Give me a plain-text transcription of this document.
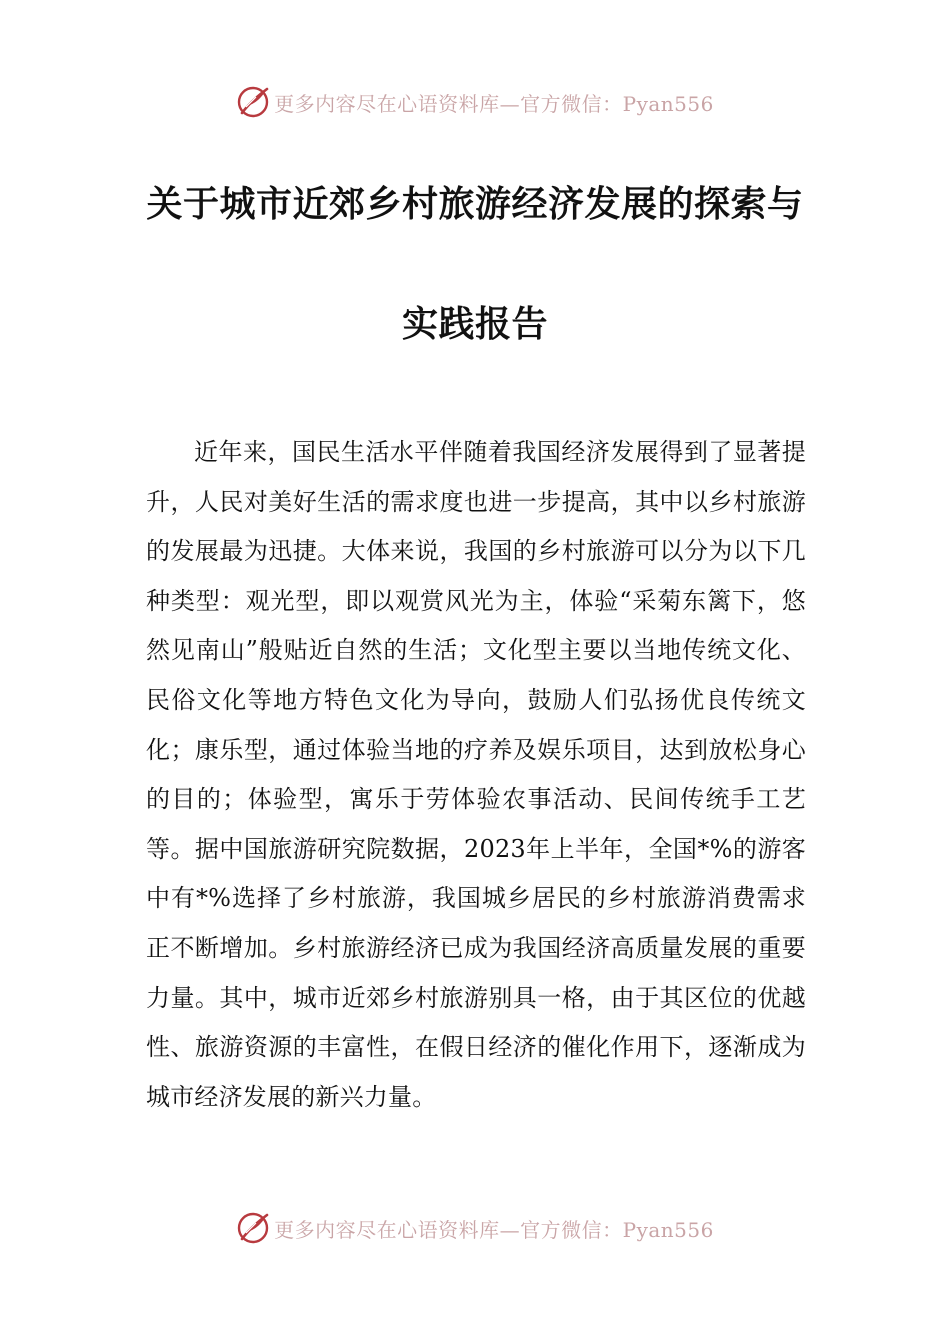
更多内容尽在心语资料库—官方微信：Pyan556
关于城市近郊乡村旅游经济发展的探索与
实践报告

近年来，国民生活水平伴随着我国经济发展得到了显著提升，人民对美好生活的需求度也进一步提高，其中以乡村旅游的发展最为迅捷。大体来说，我国的乡村旅游可以分为以下几种类型：观光型，即以观赏风光为主，体验“采菊东篱下，悠然见南山”般贴近自然的生活；文化型主要以当地传统文化、民俗文化等地方特色文化为导向，鼓励人们弘扬优良传统文化；康乐型，通过体验当地的疗养及娱乐项目，达到放松身心的目的；体验型，寓乐于劳体验农事活动、民间传统手工艺等。据中国旅游研究院数据，2023年上半年，全国*%的游客中有*%选择了乡村旅游，我国城乡居民的乡村旅游消费需求正不断增加。乡村旅游经济已成为我国经济高质量发展的重要力量。其中，城市近郊乡村旅游别具一格，由于其区位的优越性、旅游资源的丰富性，在假日经济的催化作用下，逐渐成为城市经济发展的新兴力量。

更多内容尽在心语资料库—官方微信：Pyan556
